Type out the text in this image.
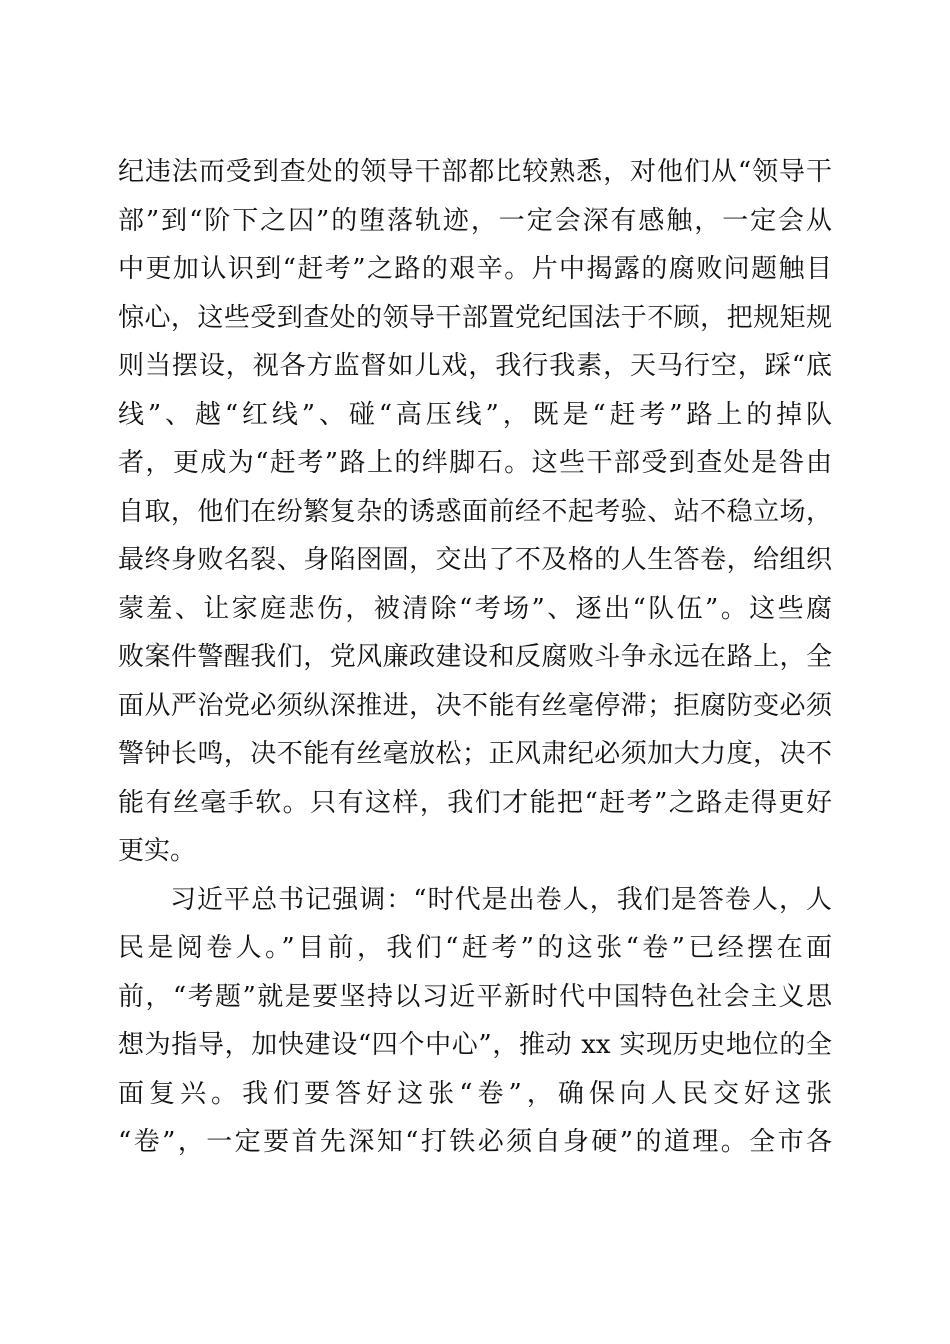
纪违法而受到查处的领导干部都比较熟悉，对他们从“领导干
部”到“阶下之囚”的堕落轨迹，一定会深有感触，一定会从
中更加认识到“赶考”之路的艰辛。片中揭露的腐败问题触目
惊心，这些受到查处的领导干部置党纪国法于不顾，把规矩规
则当摆设，视各方监督如儿戏，我行我素，天马行空，踩“底
线”、越“红线”、碰“高压线”，既是“赶考”路上的掉队
者，更成为“赶考”路上的绊脚石。这些干部受到查处是咎由
自取，他们在纷繁复杂的诱惑面前经不起考验、站不稳立场，
最终身败名裂、身陷囹圄，交出了不及格的人生答卷，给组织
蒙羞、让家庭悲伤，被清除“考场”、逐出“队伍”。这些腐
败案件警醒我们，党风廉政建设和反腐败斗争永远在路上，全
面从严治党必须纵深推进，决不能有丝毫停滞；拒腐防变必须
警钟长鸣，决不能有丝毫放松；正风肃纪必须加大力度，决不
能有丝毫手软。只有这样，我们才能把“赶考”之路走得更好
更实。
习近平总书记强调：“时代是出卷人，我们是答卷人，人
民是阅卷人。”目前，我们“赶考”的这张“卷”已经摆在面
前，“考题”就是要坚持以习近平新时代中国特色社会主义思
想为指导，加快建设“四个中心”，推动 xx 实现历史地位的全
面复兴。我们要答好这张“卷”，确保向人民交好这张
“卷”，一定要首先深知“打铁必须自身硬”的道理。全市各
